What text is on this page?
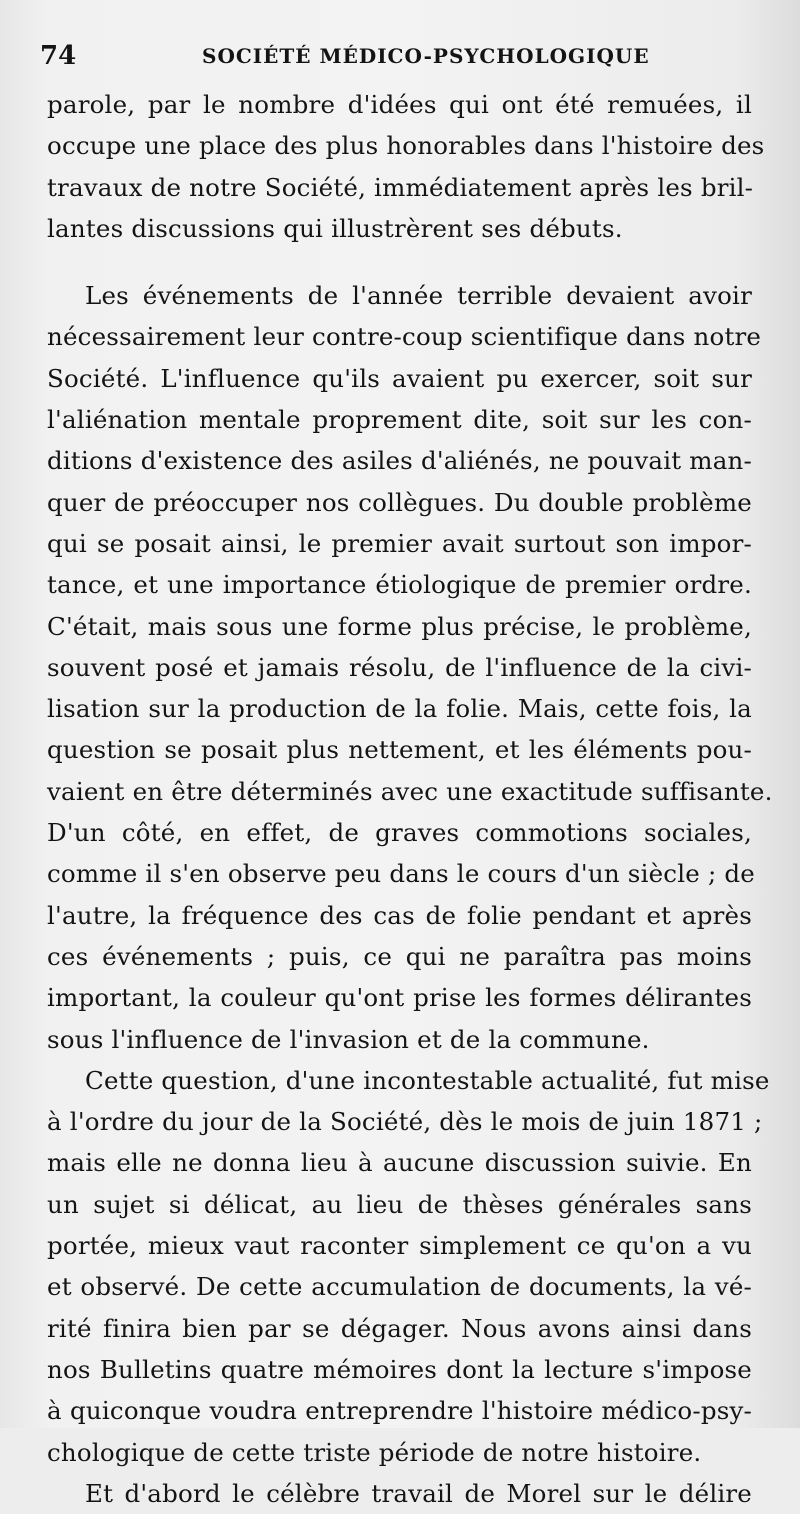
74	SOCIÉTÉ MÉDICO-PSYCHOLOGIQUE
parole, par le nombre d'idées qui ont été remuées, il
occupe une place des plus honorables dans l'histoire des
travaux de notre Société, immédiatement après les bril-
lantes discussions qui illustrèrent ses débuts.
Les événements de l'année terrible devaient avoir
nécessairement leur contre-coup scientifique dans notre
Société. L'influence qu'ils avaient pu exercer, soit sur
l'aliénation mentale proprement dite, soit sur les con-
ditions d'existence des asiles d'aliénés, ne pouvait man-
quer de préoccuper nos collègues. Du double problème
qui se posait ainsi, le premier avait surtout son impor-
tance, et une importance étiologique de premier ordre.
C'était, mais sous une forme plus précise, le problème,
souvent posé et jamais résolu, de l'influence de la civi-
lisation sur la production de la folie. Mais, cette fois, la
question se posait plus nettement, et les éléments pou-
vaient en être déterminés avec une exactitude suffisante.
D'un côté, en effet, de graves commotions sociales,
comme il s'en observe peu dans le cours d'un siècle ; de
l'autre, la fréquence des cas de folie pendant et après
ces événements ; puis, ce qui ne paraîtra pas moins
important, la couleur qu'ont prise les formes délirantes
sous l'influence de l'invasion et de la commune.
Cette question, d'une incontestable actualité, fut mise
à l'ordre du jour de la Société, dès le mois de juin 1871 ;
mais elle ne donna lieu à aucune discussion suivie. En
un sujet si délicat, au lieu de thèses générales sans
portée, mieux vaut raconter simplement ce qu'on a vu
et observé. De cette accumulation de documents, la vé-
rité finira bien par se dégager. Nous avons ainsi dans
nos Bulletins quatre mémoires dont la lecture s'impose
à quiconque voudra entreprendre l'histoire médico-psy-
chologique de cette triste période de notre histoire.
Et d'abord le célèbre travail de Morel sur le délire
